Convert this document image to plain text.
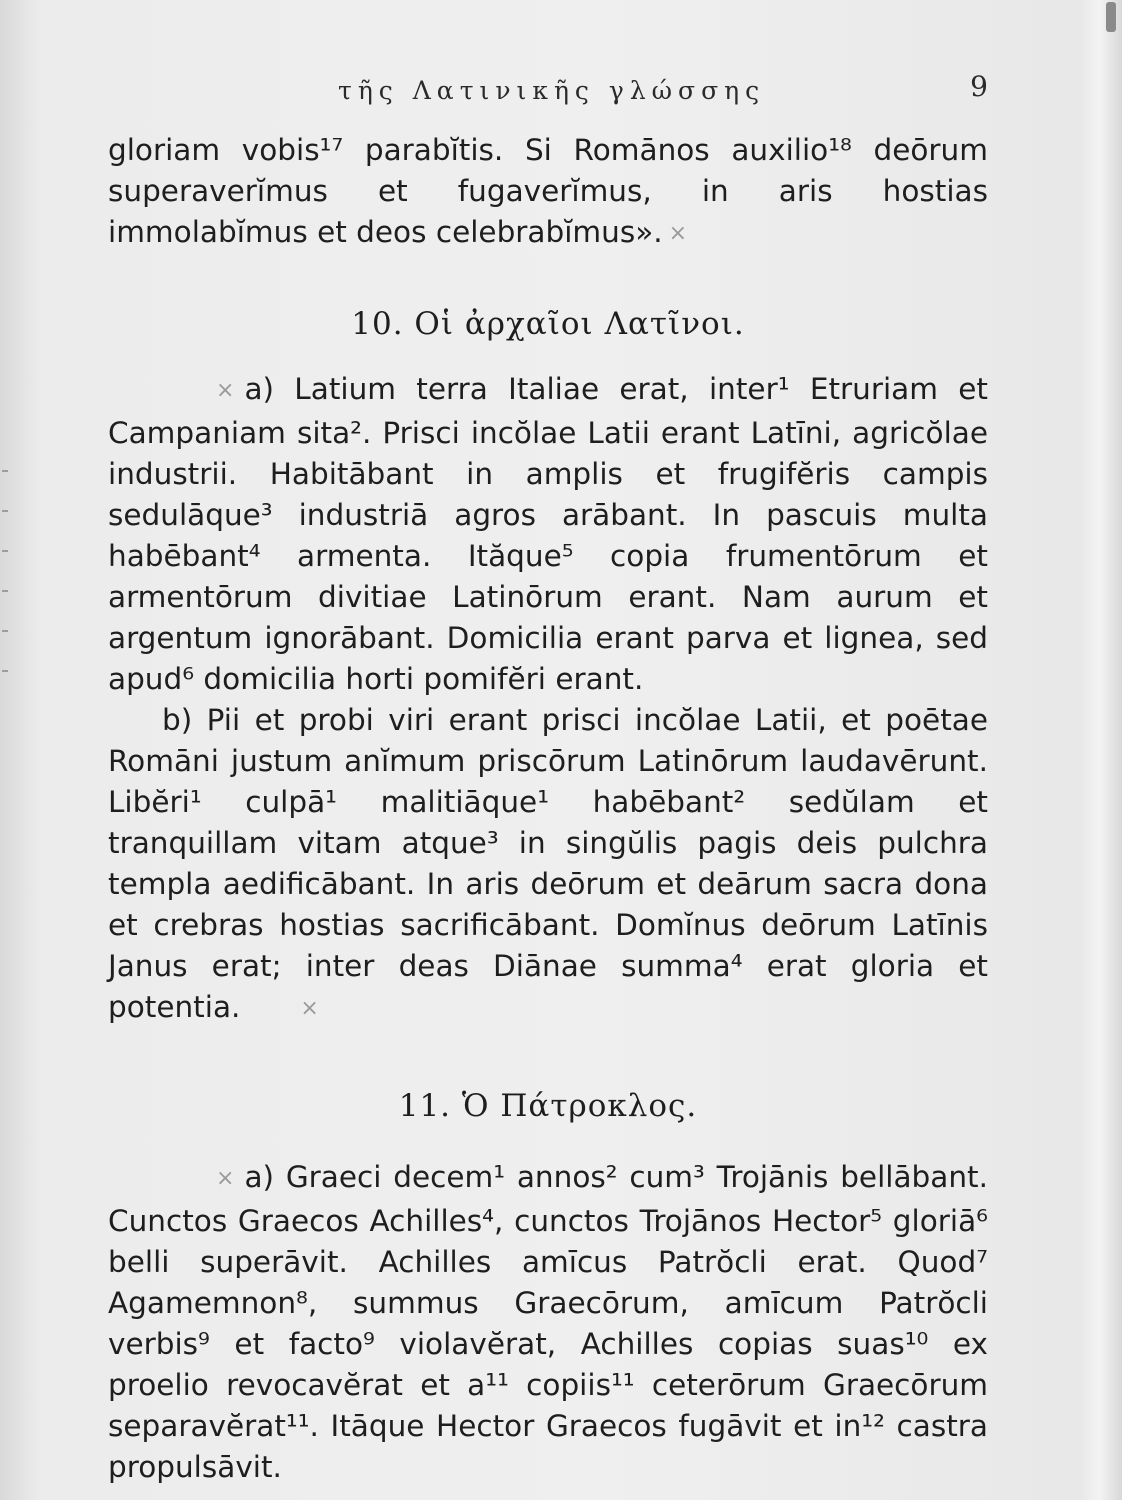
τῆς Λατινικῆς γλώσσης	9

gloriam vobis¹⁷ parabĭtis. Si Romānos auxilio¹⁸ deōrum superaverĭmus et fugaverĭmus, in aris hostias immolabĭmus et deos celebrabĭmus». ×

10. Οἱ ἀρχαῖοι Λατῖνοι.

× a) Latium terra Italiae erat, inter¹ Etruriam et Campaniam sita². Prisci incŏlae Latii erant Latīni, agricŏlae industrii. Habitābant in amplis et frugifĕris campis sedulāque³ industriā agros arābant. In pascuis multa habēbant⁴ armenta. Ităque⁵ copia frumentōrum et armentōrum divitiae Latinōrum erant. Nam aurum et argentum ignorābant. Domicilia erant parva et lignea, sed apud⁶ domicilia horti pomifĕri erant.

b) Pii et probi viri erant prisci incŏlae Latii, et poētae Romāni justum anĭmum priscōrum Latinōrum laudavērunt. Libĕri¹ culpā¹ malitiāque¹ habēbant² sedŭlam et tranquillam vitam atque³ in singŭlis pagis deis pulchra templa aedificābant. In aris deōrum et deārum sacra dona et crebras hostias sacrificābant. Domĭnus deōrum Latīnis Janus erat; inter deas Diānae summa⁴ erat gloria et potentia.	×

11. Ὁ Πάτροκλος.

× a) Graeci decem¹ annos² cum³ Trojānis bellābant. Cunctos Graecos Achilles⁴, cunctos Trojānos Hector⁵ gloriā⁶ belli superāvit. Achilles amīcus Patrŏcli erat. Quod⁷ Agamemnon⁸, summus Graecōrum, amīcum Patrŏcli verbis⁹ et facto⁹ violavĕrat, Achilles copias suas¹⁰ ex proelio revocavĕrat et a¹¹ copiis¹¹ ceterōrum Graecōrum separavĕrat¹¹. Itāque Hector Graecos fugāvit et in¹² castra propulsāvit.
